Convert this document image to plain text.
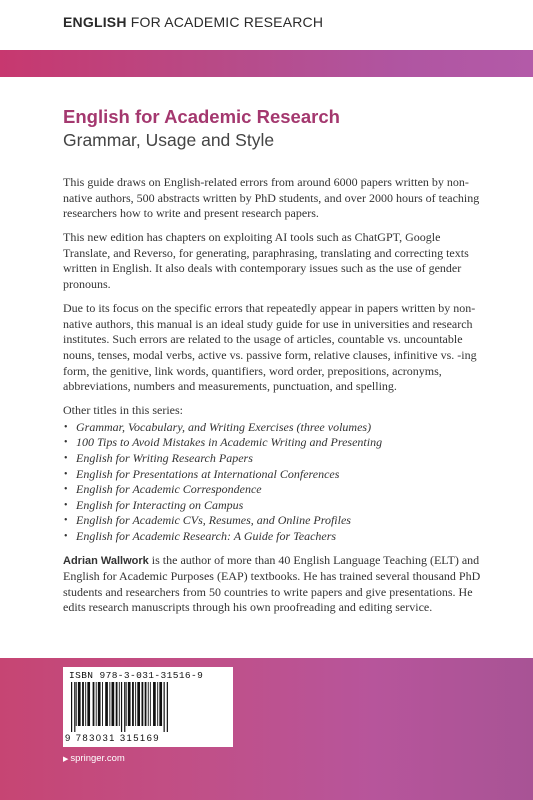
ENGLISH FOR ACADEMIC RESEARCH
English for Academic Research
Grammar, Usage and Style

This guide draws on English-related errors from around 6000 papers written by non-native authors, 500 abstracts written by PhD students, and over 2000 hours of teaching researchers how to write and present research papers.

This new edition has chapters on exploiting AI tools such as ChatGPT, Google Translate, and Reverso, for generating, paraphrasing, translating and correcting texts written in English. It also deals with contemporary issues such as the use of gender pronouns.

Due to its focus on the specific errors that repeatedly appear in papers written by non-native authors, this manual is an ideal study guide for use in universities and research institutes. Such errors are related to the usage of articles, countable vs. uncountable nouns, tenses, modal verbs, active vs. passive form, relative clauses, infinitive vs. -ing form, the genitive, link words, quantifiers, word order, prepositions, acronyms, abbreviations, numbers and measurements, punctuation, and spelling.

Other titles in this series:

• Grammar, Vocabulary, and Writing Exercises (three volumes)
• 100 Tips to Avoid Mistakes in Academic Writing and Presenting
• English for Writing Research Papers
• English for Presentations at International Conferences
• English for Academic Correspondence
• English for Interacting on Campus
• English for Academic CVs, Resumes, and Online Profiles
• English for Academic Research: A Guide for Teachers

Adrian Wallwork is the author of more than 40 English Language Teaching (ELT) and English for Academic Purposes (EAP) textbooks. He has trained several thousand PhD students and researchers from 50 countries to write papers and give presentations. He edits research manuscripts through his own proofreading and editing service.

ISBN 978-3-031-31516-9
9 783031 315169
▶ springer.com
